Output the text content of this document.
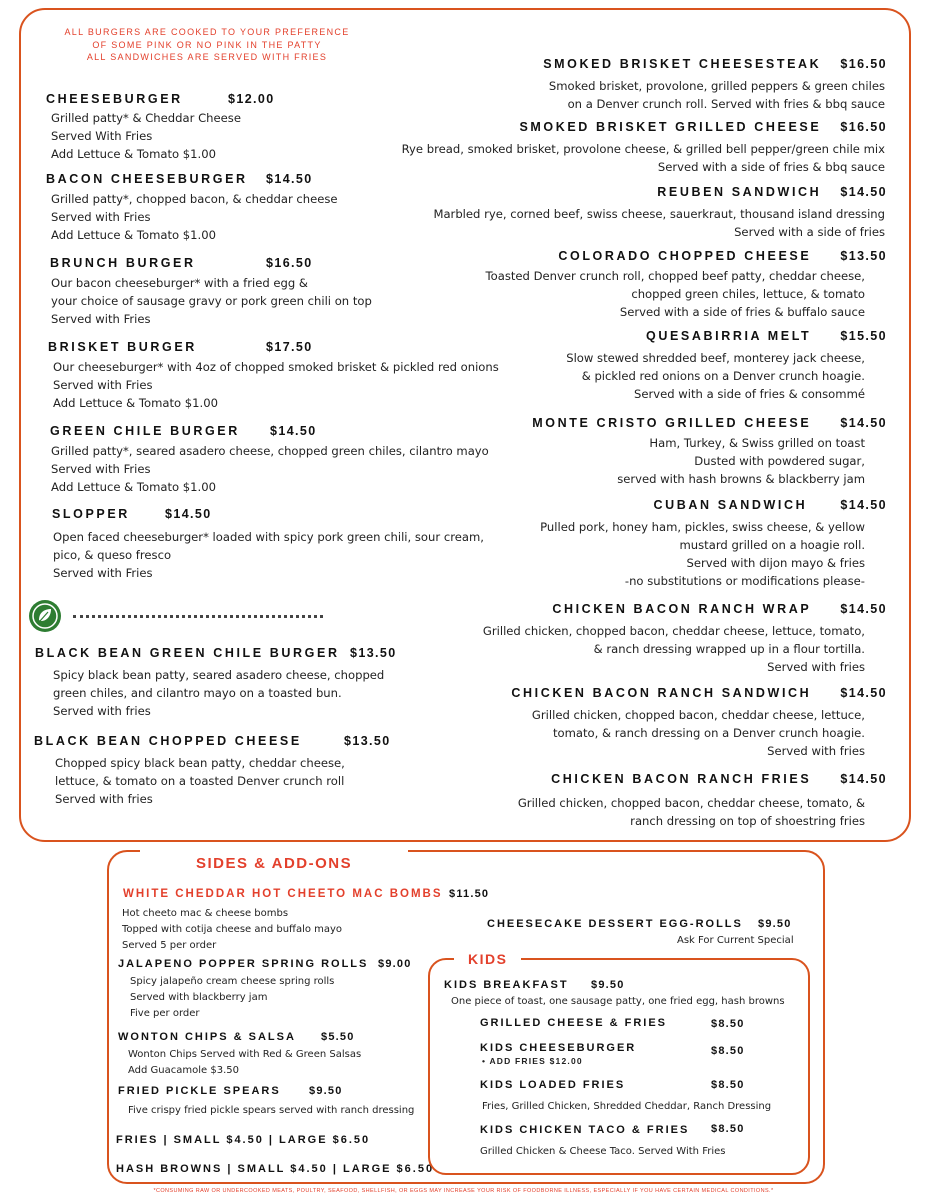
ALL BURGERS ARE COOKED TO YOUR PREFERENCE
OF SOME PINK OR NO PINK IN THE PATTY
ALL SANDWICHES ARE SERVED WITH FRIES
CHEESEBURGER	$12.00
Grilled patty* & Cheddar Cheese
Served With Fries
Add Lettuce & Tomato $1.00
BACON CHEESEBURGER $14.50
Grilled patty*, chopped bacon, & cheddar cheese
Served with Fries
Add Lettuce & Tomato $1.00
BRUNCH BURGER	$16.50
Our bacon cheeseburger* with a fried egg &
your choice of sausage gravy or pork green chili on top
Served with Fries
BRISKET BURGER	$17.50
Our cheeseburger* with 4oz of chopped smoked brisket & pickled red onions
Served with Fries
Add Lettuce & Tomato $1.00
GREEN CHILE BURGER $14.50
Grilled patty*, seared asadero cheese, chopped green chiles, cilantro mayo
Served with Fries
Add Lettuce & Tomato $1.00
SLOPPER	$14.50
Open faced cheeseburger* loaded with spicy pork green chili, sour cream,
pico, & queso fresco
Served with Fries
BLACK BEAN GREEN CHILE BURGER $13.50
Spicy black bean patty, seared asadero cheese, chopped
green chiles, and cilantro mayo on a toasted bun.
Served with fries
BLACK BEAN CHOPPED CHEESE	$13.50
Chopped spicy black bean patty, cheddar cheese,
lettuce, & tomato on a toasted Denver crunch roll
Served with fries
SMOKED BRISKET CHEESESTEAK $16.50
Smoked brisket, provolone, grilled peppers & green chiles
on a Denver crunch roll. Served with fries & bbq sauce
SMOKED BRISKET GRILLED CHEESE $16.50
Rye bread, smoked brisket, provolone cheese, & grilled bell pepper/green chile mix
Served with a side of fries & bbq sauce
REUBEN SANDWICH $14.50
Marbled rye, corned beef, swiss cheese, sauerkraut, thousand island dressing
Served with a side of fries
COLORADO CHOPPED CHEESE $13.50
Toasted Denver crunch roll, chopped beef patty, cheddar cheese,
chopped green chiles, lettuce, & tomato
Served with a side of fries & buffalo sauce
QUESABIRRIA MELT $15.50
Slow stewed shredded beef, monterey jack cheese,
& pickled red onions on a Denver crunch hoagie.
Served with a side of fries & consommé
MONTE CRISTO GRILLED CHEESE $14.50
Ham, Turkey, & Swiss grilled on toast
Dusted with powdered sugar,
served with hash browns & blackberry jam
CUBAN SANDWICH	$14.50
Pulled pork, honey ham, pickles, swiss cheese, & yellow
mustard grilled on a hoagie roll.
Served with dijon mayo & fries
-no substitutions or modifications please-
CHICKEN BACON RANCH WRAP $14.50
Grilled chicken, chopped bacon, cheddar cheese, lettuce, tomato,
& ranch dressing wrapped up in a flour tortilla.
Served with fries
CHICKEN BACON RANCH SANDWICH $14.50
Grilled chicken, chopped bacon, cheddar cheese, lettuce,
tomato, & ranch dressing on a Denver crunch hoagie.
Served with fries
CHICKEN BACON RANCH FRIES $14.50
Grilled chicken, chopped bacon, cheddar cheese, tomato, &
ranch dressing on top of shoestring fries
SIDES & ADD-ONS
WHITE CHEDDAR HOT CHEETO MAC BOMBS $11.50
Hot cheeto mac & cheese bombs
Topped with cotija cheese and buffalo mayo
Served 5 per order
JALAPENO POPPER SPRING ROLLS $9.00
Spicy jalapeño cream cheese spring rolls
Served with blackberry jam
Five per order
WONTON CHIPS & SALSA $5.50
Wonton Chips Served with Red & Green Salsas
Add Guacamole $3.50
FRIED PICKLE SPEARS	$9.50
Five crispy fried pickle spears served with ranch dressing
FRIES | SMALL $4.50 | LARGE $6.50
HASH BROWNS | SMALL $4.50 | LARGE $6.50
CHEESECAKE DESSERT EGG-ROLLS $9.50
Ask For Current Special
KIDS
KIDS BREAKFAST $9.50
One piece of toast, one sausage patty, one fried egg, hash browns
GRILLED CHEESE & FRIES	$8.50
KIDS CHEESEBURGER	$8.50
• ADD FRIES $12.00
KIDS LOADED FRIES	$8.50
Fries, Grilled Chicken, Shredded Cheddar, Ranch Dressing
KIDS CHICKEN TACO & FRIES $8.50
Grilled Chicken & Cheese Taco. Served With Fries
*CONSUMING RAW OR UNDERCOOKED MEATS, POULTRY, SEAFOOD, SHELLFISH, OR EGGS MAY INCREASE YOUR RISK OF FOODBORNE ILLNESS, ESPECIALLY IF YOU HAVE CERTAIN MEDICAL CONDITIONS.*
